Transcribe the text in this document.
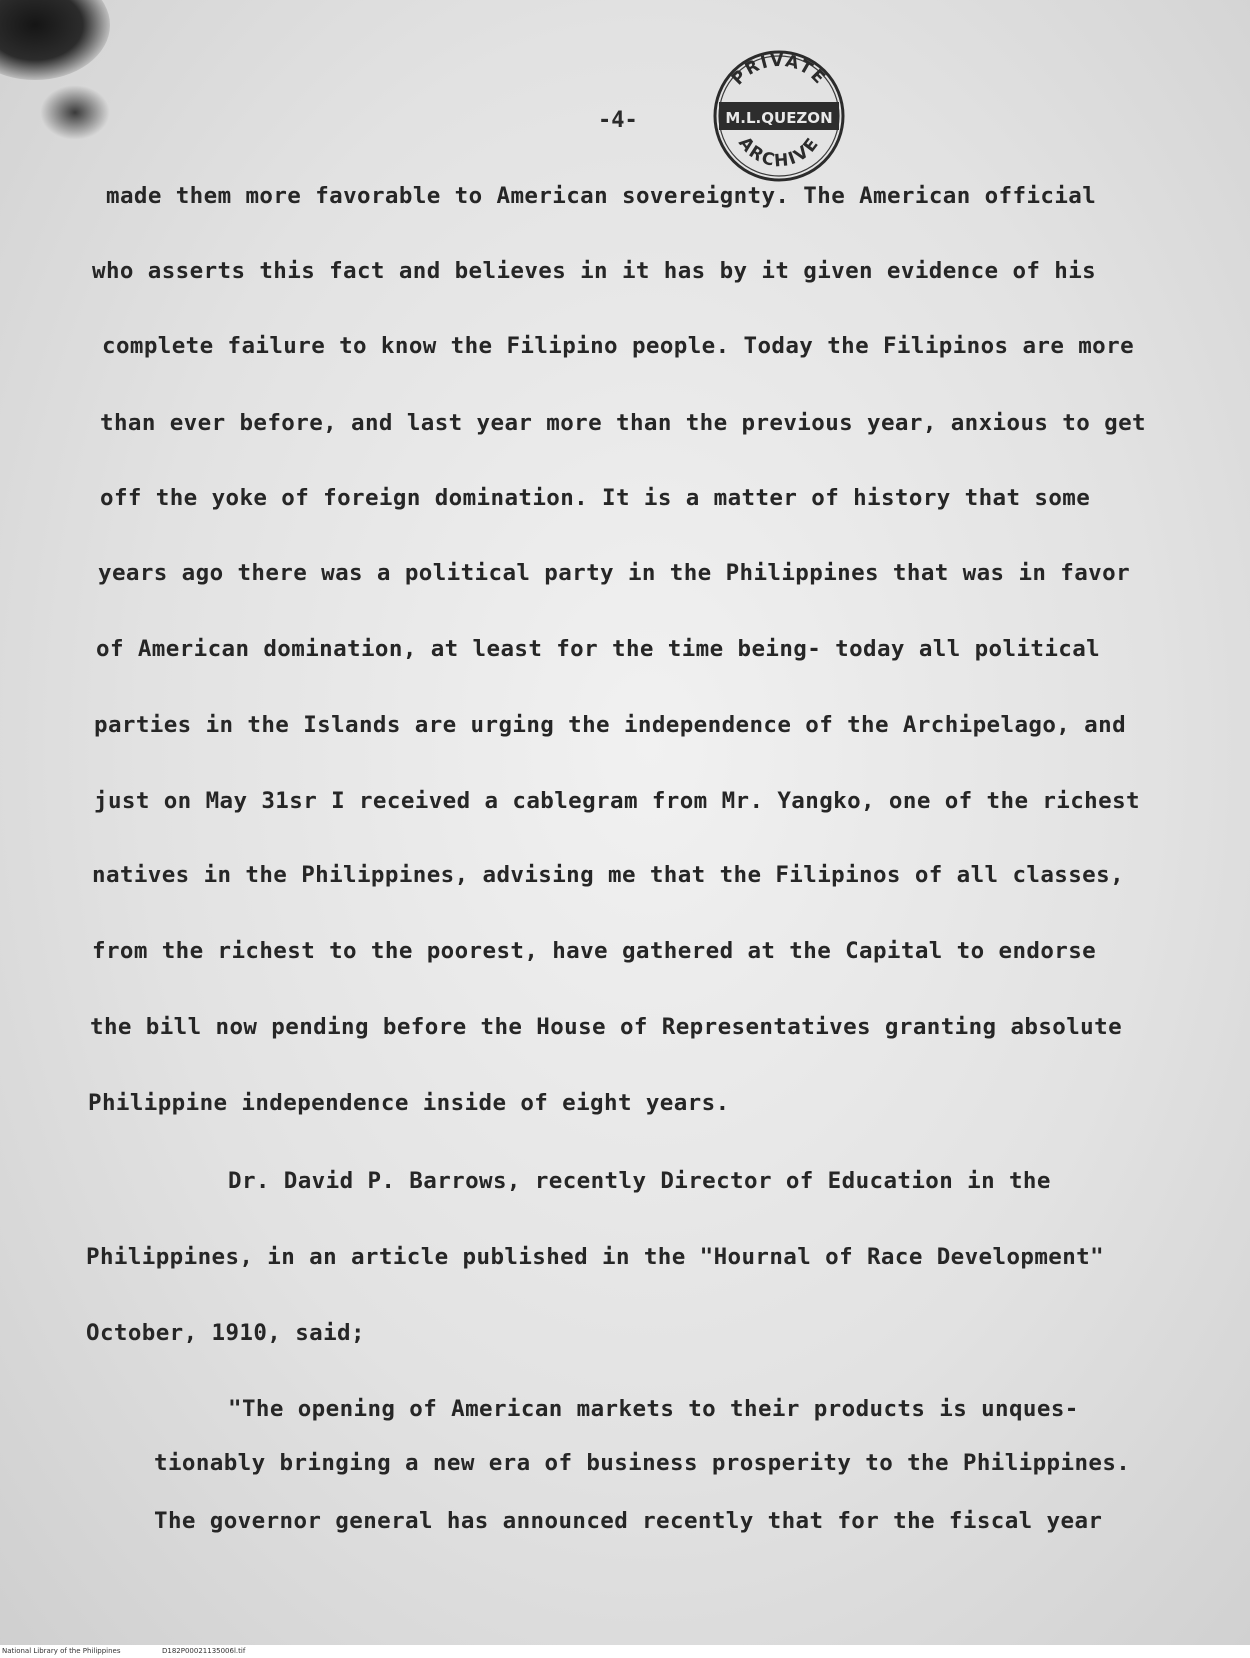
-4-
PRIVATE
M.L.QUEZON
ARCHIVE
made them more favorable to American sovereignty. The American official
who asserts this fact and believes in it has by it given evidence of his
complete failure to know the Filipino people. Today the Filipinos are more
than ever before, and last year more than the previous year, anxious to get
off the yoke of foreign domination. It is a matter of history that some
years ago there was a political party in the Philippines that was in favor
of American domination, at least for the time being- today all political
parties in the Islands are urging the independence of the Archipelago, and
just on May 31sr I received a cablegram from Mr. Yangko, one of the richest
natives in the Philippines, advising me that the Filipinos of all classes,
from the richest to the poorest, have gathered at the Capital to endorse
the bill now pending before the House of Representatives granting absolute
Philippine independence inside of eight years.
Dr. David P. Barrows, recently Director of Education in the
Philippines, in an article published in the "Hournal of Race Development"
October, 1910, said;
"The opening of American markets to their products is unques-
tionably bringing a new era of business prosperity to the Philippines.
The governor general has announced recently that for the fiscal year
National Library of the Philippines	D182P00021135006l.tif
